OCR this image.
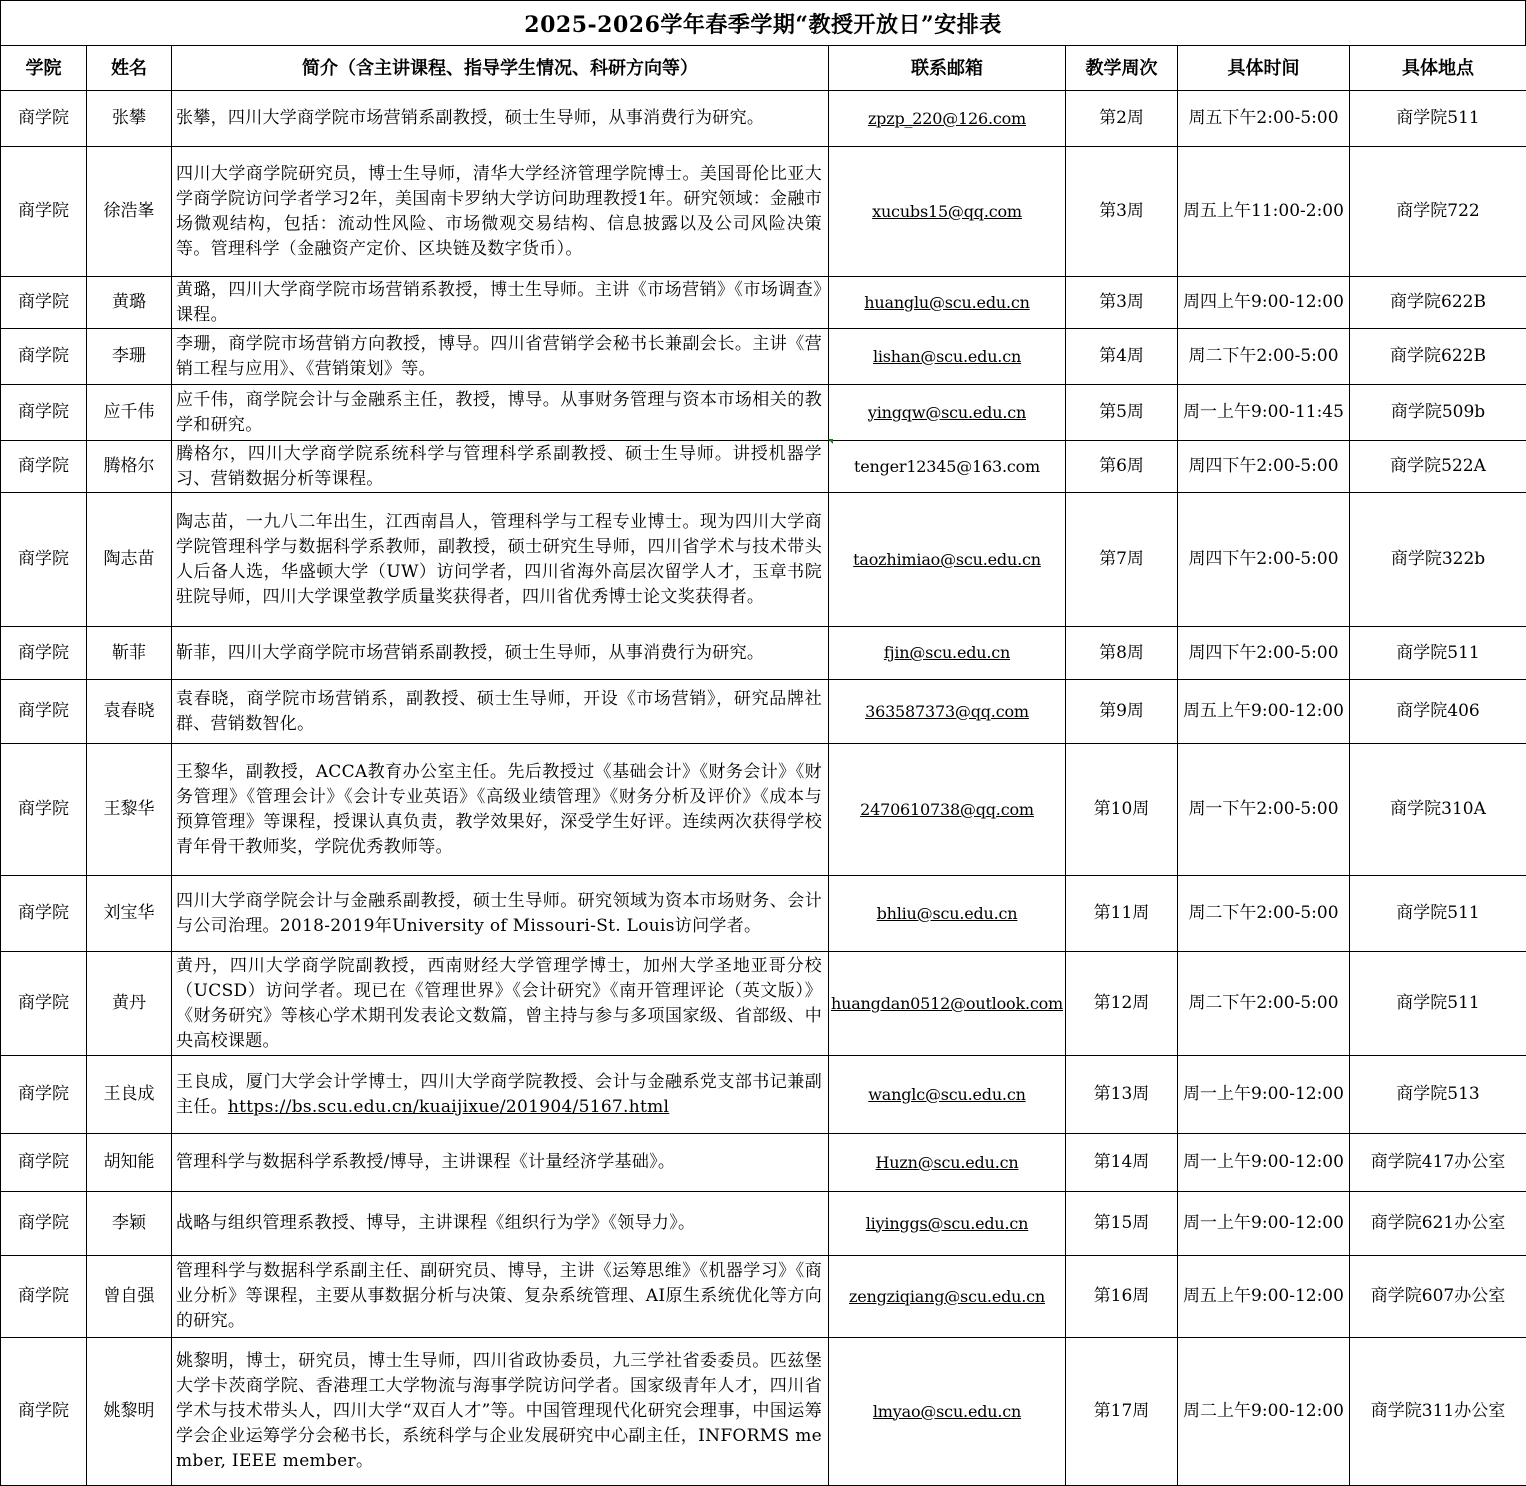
2025-2026学年春季学期“教授开放日”安排表
学院	姓名	简介（含主讲课程、指导学生情况、科研方向等）	联系邮箱	教学周次	具体时间	具体地点
商学院	张攀	张攀，四川大学商学院市场营销系副教授，硕士生导师，从事消费行为研究。	zpzp_220@126.com	第2周	周五下午2:00-5:00	商学院511
商学院	徐浩峯	四川大学商学院研究员，博士生导师，清华大学经济管理学院博士。美国哥伦比亚大学商学院访问学者学习2年，美国南卡罗纳大学访问助理教授1年。研究领域：金融市场微观结构，包括：流动性风险、市场微观交易结构、信息披露以及公司风险决策等。管理科学（金融资产定价、区块链及数字货币）。	xucubs15@qq.com	第3周	周五上午11:00-2:00	商学院722
商学院	黄璐	黄璐，四川大学商学院市场营销系教授，博士生导师。主讲《市场营销》《市场调查》课程。	huanglu@scu.edu.cn	第3周	周四上午9:00-12:00	商学院622B
商学院	李珊	李珊，商学院市场营销方向教授，博导。四川省营销学会秘书长兼副会长。主讲《营销工程与应用》、《营销策划》等。	lishan@scu.edu.cn	第4周	周二下午2:00-5:00	商学院622B
商学院	应千伟	应千伟，商学院会计与金融系主任，教授，博导。从事财务管理与资本市场相关的教学和研究。	yingqw@scu.edu.cn	第5周	周一上午9:00-11:45	商学院509b
商学院	腾格尔	腾格尔，四川大学商学院系统科学与管理科学系副教授、硕士生导师。讲授机器学习、营销数据分析等课程。	tenger12345@163.com	第6周	周四下午2:00-5:00	商学院522A
商学院	陶志苗	陶志苗，一九八二年出生，江西南昌人，管理科学与工程专业博士。现为四川大学商学院管理科学与数据科学系教师，副教授，硕士研究生导师，四川省学术与技术带头人后备人选，华盛顿大学（UW）访问学者，四川省海外高层次留学人才，玉章书院驻院导师，四川大学课堂教学质量奖获得者，四川省优秀博士论文奖获得者。	taozhimiao@scu.edu.cn	第7周	周四下午2:00-5:00	商学院322b
商学院	靳菲	靳菲，四川大学商学院市场营销系副教授，硕士生导师，从事消费行为研究。	fjin@scu.edu.cn	第8周	周四下午2:00-5:00	商学院511
商学院	袁春晓	袁春晓，商学院市场营销系，副教授、硕士生导师，开设《市场营销》，研究品牌社群、营销数智化。	363587373@qq.com	第9周	周五上午9:00-12:00	商学院406
商学院	王黎华	王黎华，副教授，ACCA教育办公室主任。先后教授过《基础会计》《财务会计》《财务管理》《管理会计》《会计专业英语》《高级业绩管理》《财务分析及评价》《成本与预算管理》等课程，授课认真负责，教学效果好，深受学生好评。连续两次获得学校青年骨干教师奖，学院优秀教师等。	2470610738@qq.com	第10周	周一下午2:00-5:00	商学院310A
商学院	刘宝华	四川大学商学院会计与金融系副教授，硕士生导师。研究领域为资本市场财务、会计与公司治理。2018-2019年University of Missouri-St. Louis访问学者。	bhliu@scu.edu.cn	第11周	周二下午2:00-5:00	商学院511
商学院	黄丹	黄丹，四川大学商学院副教授，西南财经大学管理学博士，加州大学圣地亚哥分校（UCSD）访问学者。现已在《管理世界》《会计研究》《南开管理评论（英文版）》《财务研究》等核心学术期刊发表论文数篇，曾主持与参与多项国家级、省部级、中央高校课题。	huangdan0512@outlook.com	第12周	周二下午2:00-5:00	商学院511
商学院	王良成	王良成，厦门大学会计学博士，四川大学商学院教授、会计与金融系党支部书记兼副主任。https://bs.scu.edu.cn/kuaijixue/201904/5167.html	wanglc@scu.edu.cn	第13周	周一上午9:00-12:00	商学院513
商学院	胡知能	管理科学与数据科学系教授/博导，主讲课程《计量经济学基础》。	Huzn@scu.edu.cn	第14周	周一上午9:00-12:00	商学院417办公室
商学院	李颖	战略与组织管理系教授、博导，主讲课程《组织行为学》《领导力》。	liyinggs@scu.edu.cn	第15周	周一上午9:00-12:00	商学院621办公室
商学院	曾自强	管理科学与数据科学系副主任、副研究员、博导，主讲《运筹思维》《机器学习》《商业分析》等课程，主要从事数据分析与决策、复杂系统管理、AI原生系统优化等方向的研究。	zengziqiang@scu.edu.cn	第16周	周五上午9:00-12:00	商学院607办公室
商学院	姚黎明	姚黎明，博士，研究员，博士生导师，四川省政协委员，九三学社省委委员。匹兹堡大学卡茨商学院、香港理工大学物流与海事学院访问学者。国家级青年人才，四川省学术与技术带头人，四川大学“双百人才”等。中国管理现代化研究会理事，中国运筹学会企业运筹学分会秘书长，系统科学与企业发展研究中心副主任，INFORMS member, IEEE member。	lmyao@scu.edu.cn	第17周	周二上午9:00-12:00	商学院311办公室
